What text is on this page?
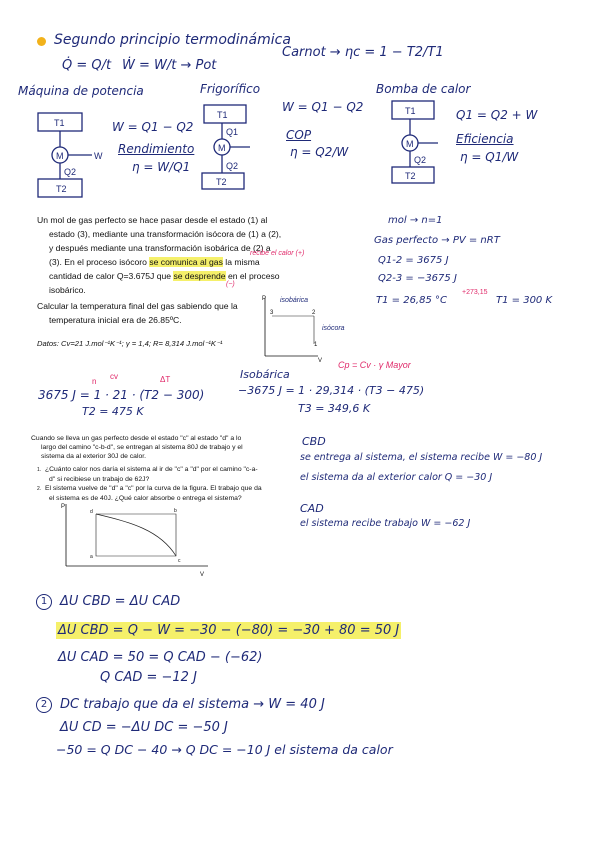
Segundo principio termodinámica
Q̇ = Q/t Ẇ = W/t → Pot
Carnot → ηc = 1 − T2/T1
Máquina de potencia	Frigorífico	Bomba de calor
T1
M	W
Q2
T2
T1
Q1
M
Q2
T2
T1
M
Q2
T2
W = Q1 − Q2
Rendimiento
η = W/Q1
W = Q1 − Q2
COP
η = Q2/W
Q1 = Q2 + W
Eficiencia
η = Q1/W
Un mol de gas perfecto se hace pasar desde el estado (1) al
estado (3), mediante una transformación isócora de (1) a (2),
y después mediante una transformación isobárica de (2) a
(3). En el proceso isócoro se comunica al gas la misma
cantidad de calor Q=3.675J que se desprende en el proceso
isobárico.
Calcular la temperatura final del gas sabiendo que la
temperatura inicial era de 26.85ºC.
Datos: Cv=21 J.mol⁻¹K⁻¹; γ = 1,4; R= 8,314 J.mol⁻¹K⁻¹
recibe el calor (+)
(−)
mol → n=1
Gas perfecto → PV = nRT
Q1-2 = 3675 J
Q2-3 = −3675 J
T1 = 26,85 °C
+273,15
T1 = 300 K
P
V
3	2
1
isobárica
isócora
n
cv	ΔT
3675 J = 1 · 21 · (T2 − 300)
T2 = 475 K
Cp = Cv · γ Mayor
Isobárica
−3675 J = 1 · 29,314 · (T3 − 475)
T3 = 349,6 K
Cuando se lleva un gas perfecto desde el estado "c" al estado "d" a lo
largo del camino "c-b-d", se entregan al sistema 80J de trabajo y el
sistema da al exterior 30J de calor.
1. ¿Cuánto calor nos daría el sistema al ir de "c" a "d" por el camino "c-a-
d" si recibiese un trabajo de 62J?
2. El sistema vuelve de "d" a "c" por la curva de la figura. El trabajo que da
el sistema es de 40J. ¿Qué calor absorbe o entrega el sistema?
P
V
d	b
a
c
CBD
se entrega al sistema, el sistema recibe W = −80 J
el sistema da al exterior calor Q = −30 J
CAD
el sistema recibe trabajo W = −62 J
1 ΔU CBD = ΔU CAD
ΔU CBD = Q − W = −30 − (−80) = −30 + 80 = 50 J
ΔU CAD = 50 = Q CAD − (−62)
Q CAD = −12 J
2 DC trabajo que da el sistema → W = 40 J
ΔU CD = −ΔU DC = −50 J
−50 = Q DC − 40 → Q DC = −10 J el sistema da calor
